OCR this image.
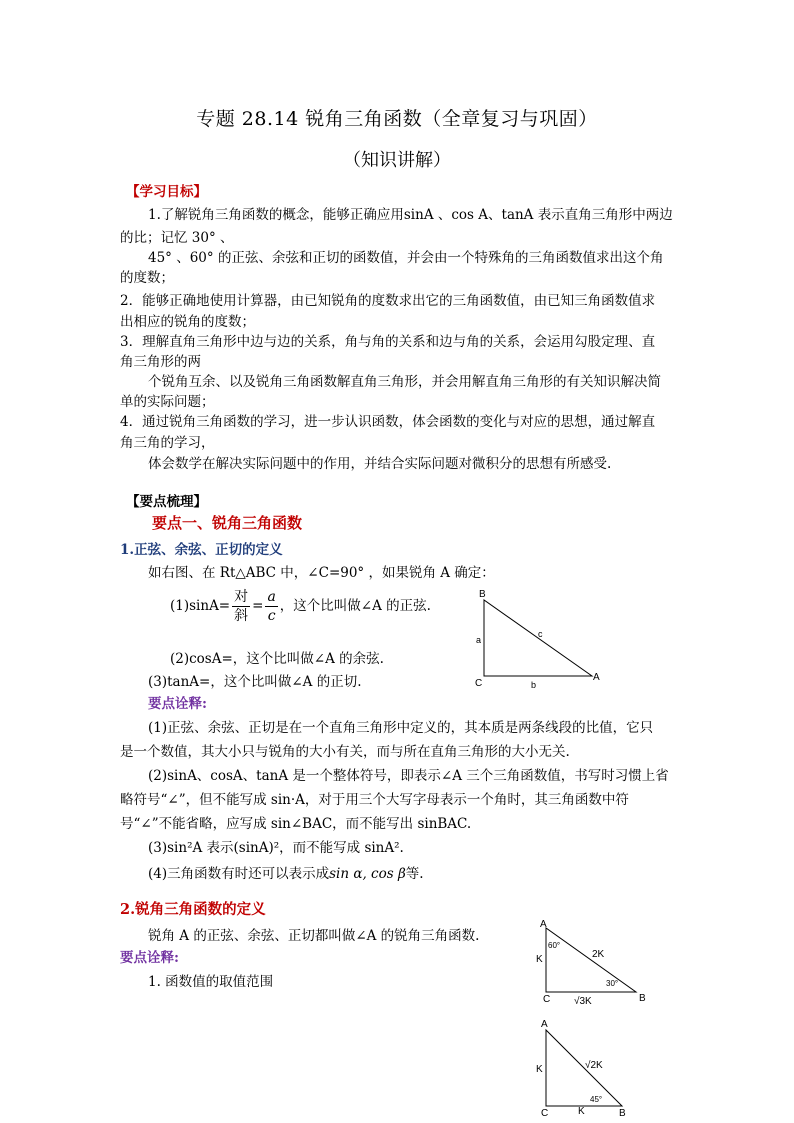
专题 28.14 锐角三角函数（全章复习与巩固）
（知识讲解）
【学习目标】
1.了解锐角三角函数的概念，能够正确应用sinA 、cos A、tanA 表示直角三角形中两边
的比；记忆 30° 、
45° 、60° 的正弦、余弦和正切的函数值，并会由一个特殊角的三角函数值求出这个角
的度数；
2．能够正确地使用计算器，由已知锐角的度数求出它的三角函数值，由已知三角函数值求
出相应的锐角的度数；
3．理解直角三角形中边与边的关系，角与角的关系和边与角的关系，会运用勾股定理、直
角三角形的两
个锐角互余、以及锐角三角函数解直角三角形，并会用解直角三角形的有关知识解决简
单的实际问题；
4．通过锐角三角函数的学习，进一步认识函数，体会函数的变化与对应的思想，通过解直
角三角的学习，
体会数学在解决实际问题中的作用，并结合实际问题对微积分的思想有所感受.
【要点梳理】
要点一、锐角三角函数
1.正弦、余弦、正切的定义
如右图、在 Rt△ABC 中，∠C=90° ，如果锐角 A 确定：
$(1)\sin A= \frac{\text{对}}{\text{斜}} = \frac{a}{c}$ ，这个比叫做∠A 的正弦.
(2)cosA=，这个比叫做∠A 的余弦.
(3)tanA=，这个比叫做∠A 的正切.
要点诠释:
(1)正弦、余弦、正切是在一个直角三角形中定义的，其本质是两条线段的比值，它只
是一个数值，其大小只与锐角的大小有关，而与所在直角三角形的大小无关.
(2)sinA、cosA、tanA 是一个整体符号，即表示∠A 三个三角函数值，书写时习惯上省
略符号“∠”，但不能写成 sin·A，对于用三个大写字母表示一个角时，其三角函数中符
号“∠”不能省略，应写成 sin∠BAC，而不能写出 sinBAC.
(3)sin²A 表示(sinA)²，而不能写成 sinA².
(4)三角函数有时还可以表示成sin α, cos β等.
2.锐角三角函数的定义
锐角 A 的正弦、余弦、正切都叫做∠A 的锐角三角函数.
要点诠释:
1. 函数值的取值范围
B
C
A
a
b
c
A
C	B
K	2K
√3K
60°
30°
A
C	B
K
K
√2K
45°
